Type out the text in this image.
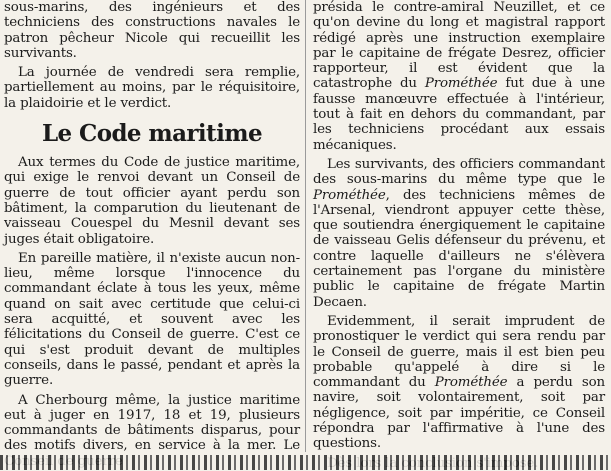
sous-marins, des ingénieurs et des techniciens des constructions navales le patron pêcheur Nicole qui recueillit les survivants.

La journée de vendredi sera remplie, partiellement au moins, par le réquisitoire, la plaidoirie et le verdict.

Le Code maritime

Aux termes du Code de justice maritime, qui exige le renvoi devant un Conseil de guerre de tout officier ayant perdu son bâtiment, la comparution du lieutenant de vaisseau Couespel du Mesnil devant ses juges était obligatoire.

En pareille matière, il n'existe aucun non-lieu, même lorsque l'innocence du commandant éclate à tous les yeux, même quand on sait avec certitude que celui-ci sera acquitté, et souvent avec les félicitations du Conseil de guerre. C'est ce qui s'est produit devant de multiples conseils, dans le passé, pendant et après la guerre.

A Cherbourg même, la justice maritime eut à juger en 1917, 18 et 19, plusieurs commandants de bâtiments disparus, pour des motifs divers, en service à la mer. Le

présida le contre-amiral Neuzillet, et ce qu'on devine du long et magistral rapport rédigé après une instruction exemplaire par le capitaine de frégate Desrez, officier rapporteur, il est évident que la catastrophe du Prométhée fut due à une fausse manœuvre effectuée à l'intérieur, tout à fait en dehors du commandant, par les techniciens procédant aux essais mécaniques.

Les survivants, des officiers commandant des sous-marins du même type que le Prométhée, des techniciens mêmes de l'Arsenal, viendront appuyer cette thèse, que soutiendra énergiquement le capitaine de vaisseau Gelis défenseur du prévenu, et contre laquelle d'ailleurs ne s'élèvera certainement pas l'organe du ministère public le capitaine de frégate Martin Decaen.

Evidemment, il serait imprudent de pronostiquer le verdict qui sera rendu par le Conseil de guerre, mais il est bien peu probable qu'appelé à dire si le commandant du Prométhée a perdu son navire, soit volontairement, soit par négligence, soit par impéritie, ce Conseil répondra par l'affirmative à l'une des questions.
